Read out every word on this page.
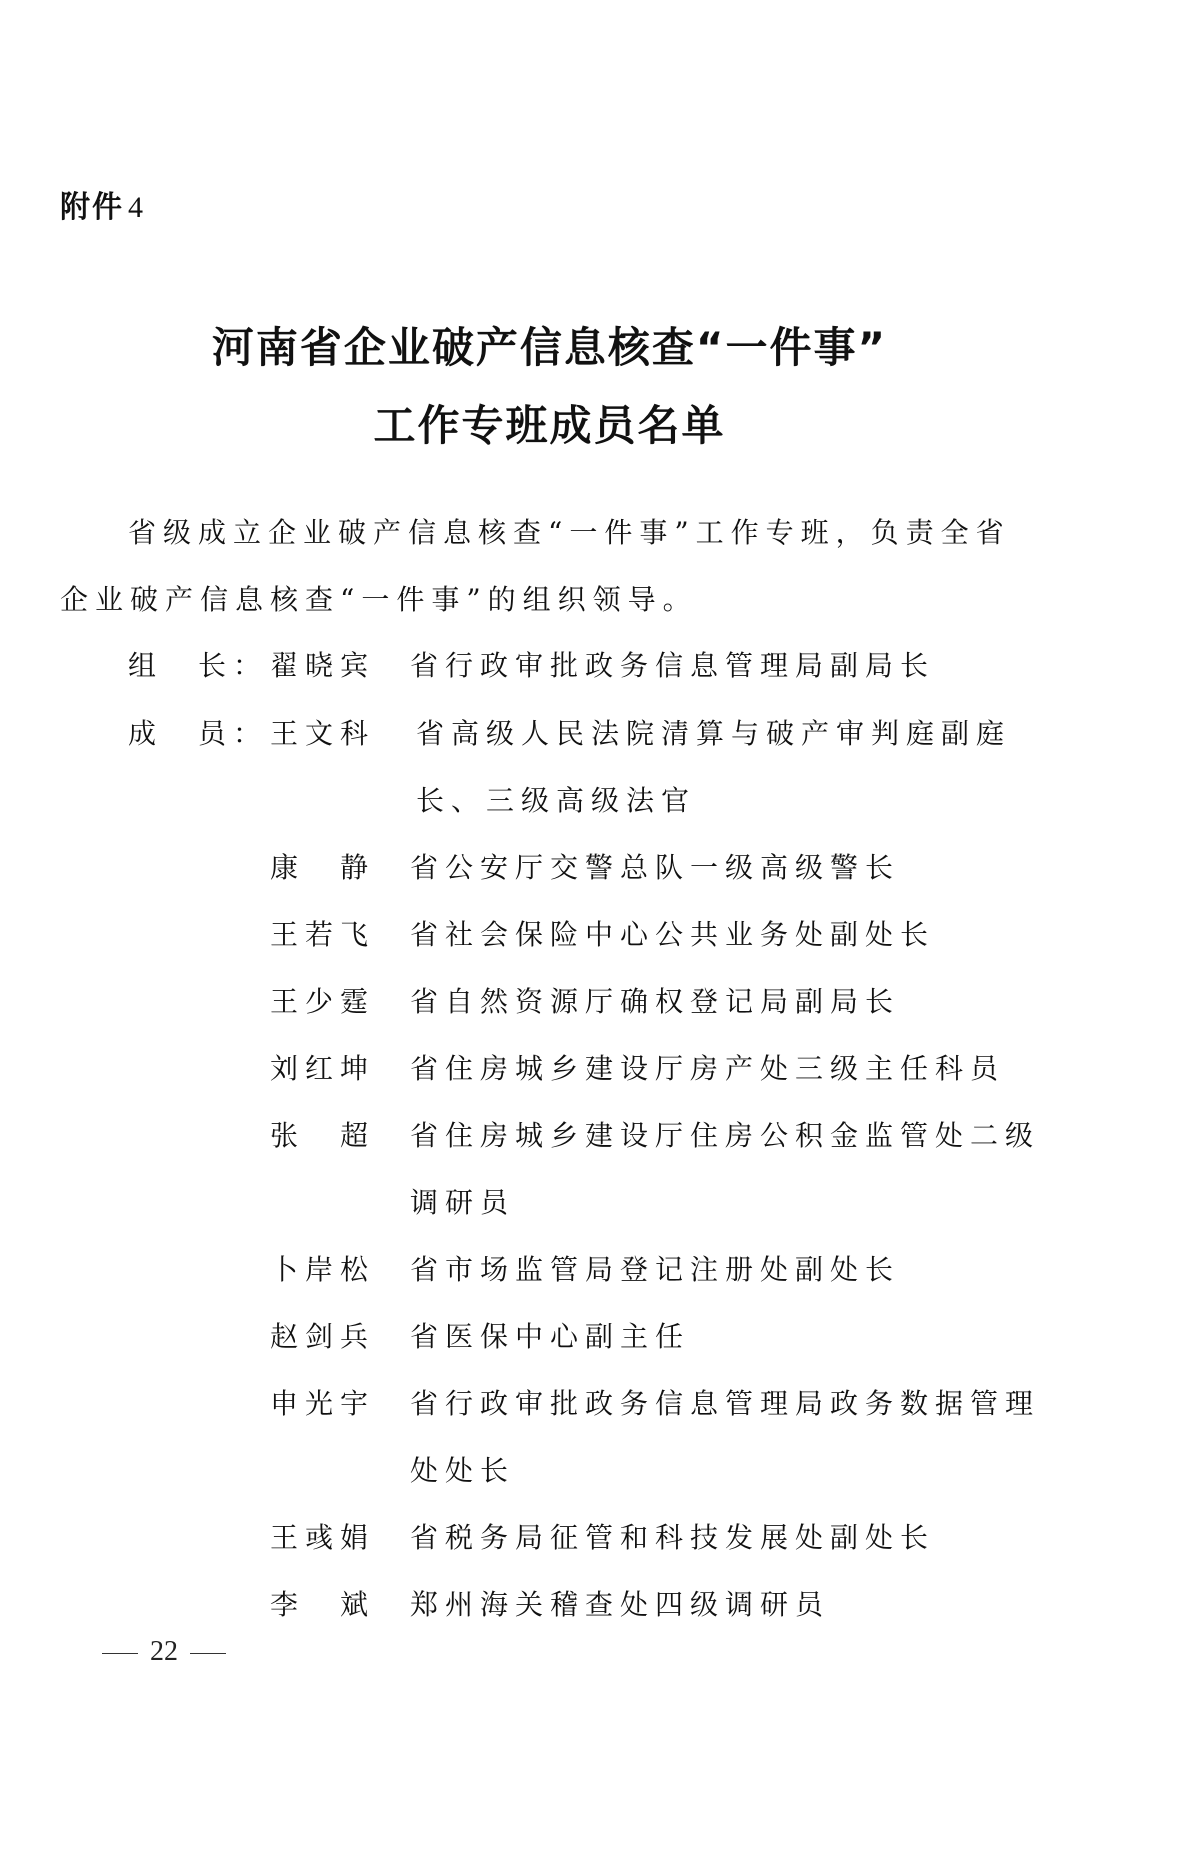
附件 4
河南省企业破产信息核查“一件事”
工作专班成员名单
省级成立企业破产信息核查“一件事”工作专班，负责全省
企业破产信息核查“一件事”的组织领导。
组　长： 翟晓宾 省行政审批政务信息管理局副局长
成　员： 王文科 省高级人民法院清算与破产审判庭副庭
长、三级高级法官
康　静 省公安厅交警总队一级高级警长
王若飞 省社会保险中心公共业务处副处长
王少霆 省自然资源厅确权登记局副局长
刘红坤 省住房城乡建设厅房产处三级主任科员
张　超 省住房城乡建设厅住房公积金监管处二级
调研员
卜岸松 省市场监管局登记注册处副处长
赵剑兵 省医保中心副主任
申光宇 省行政审批政务信息管理局政务数据管理
处处长
王彧娟 省税务局征管和科技发展处副处长
李　斌 郑州海关稽查处四级调研员
22
